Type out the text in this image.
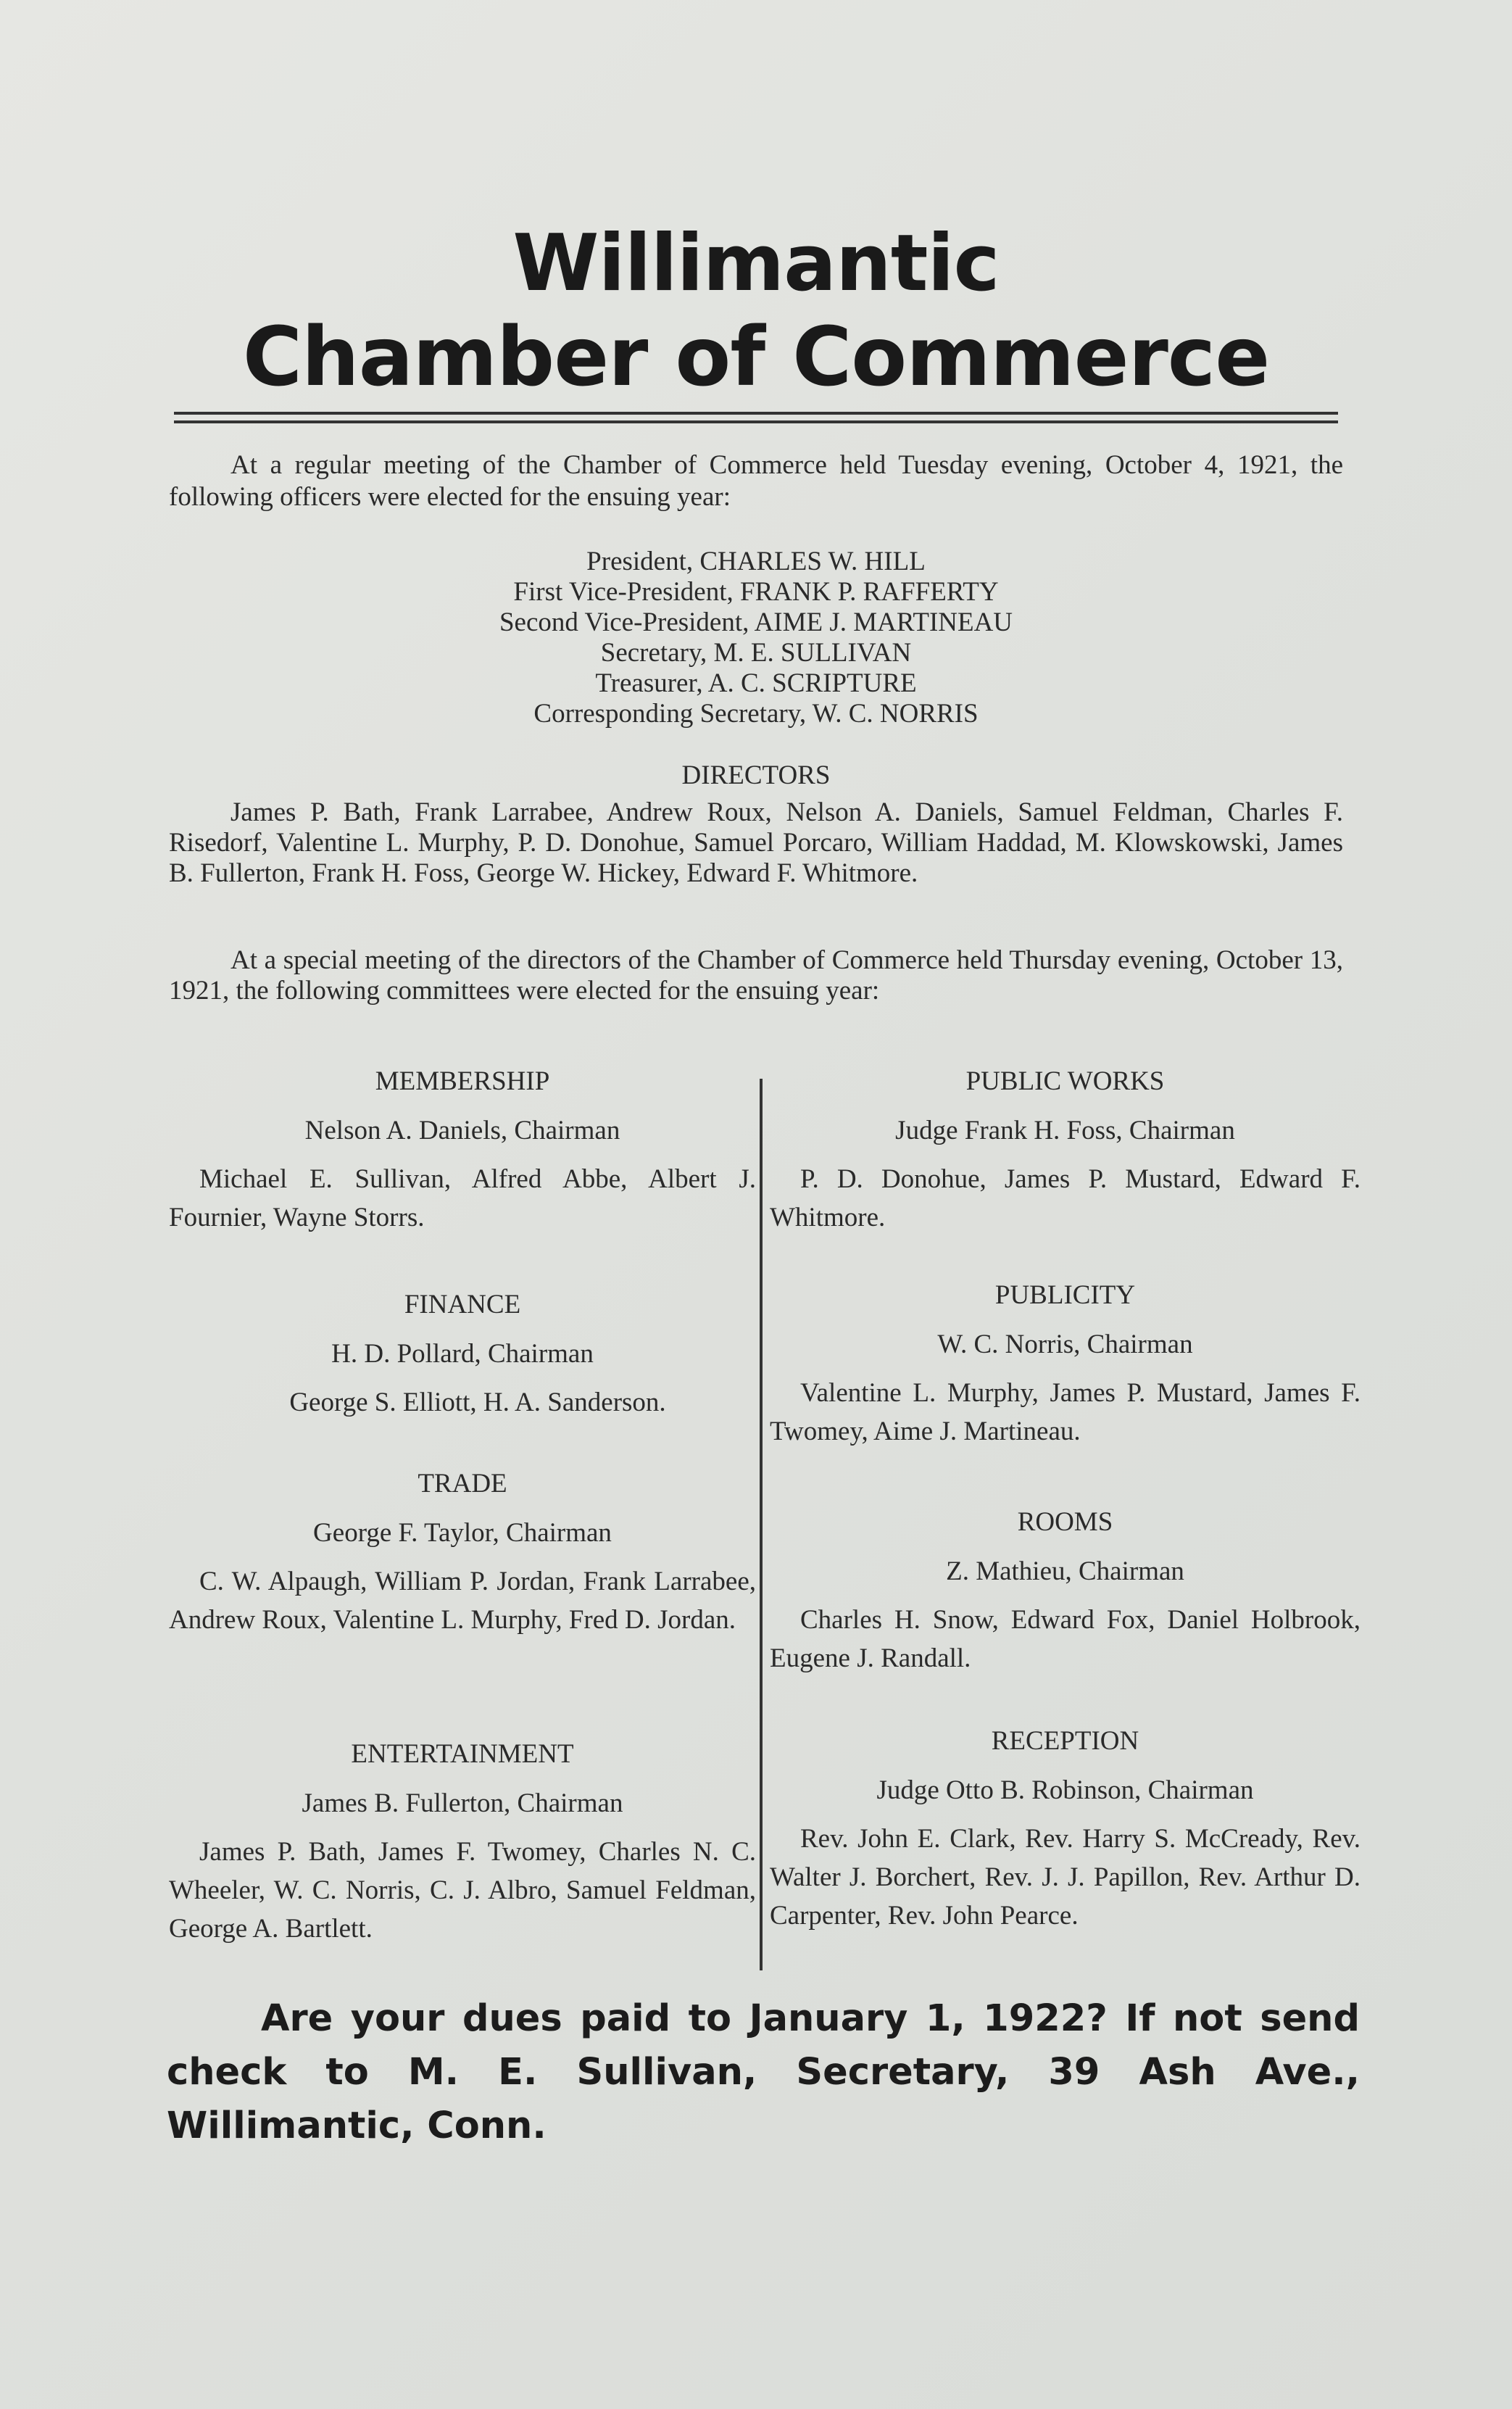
Willimantic
Chamber of Commerce
At a regular meeting of the Chamber of Commerce held Tuesday evening, October 4, 1921, the following officers were elected for the ensuing year:
President, CHARLES W. HILL
First Vice-President, FRANK P. RAFFERTY
Second Vice-President, AIME J. MARTINEAU
Secretary, M. E. SULLIVAN
Treasurer, A. C. SCRIPTURE
Corresponding Secretary, W. C. NORRIS
DIRECTORS
James P. Bath, Frank Larrabee, Andrew Roux, Nelson A. Daniels, Samuel Feldman, Charles F. Risedorf, Valentine L. Murphy, P. D. Donohue, Samuel Porcaro, William Haddad, M. Klowskowski, James B. Fullerton, Frank H. Foss, George W. Hickey, Edward F. Whitmore.
At a special meeting of the directors of the Chamber of Commerce held Thursday evening, October 13, 1921, the following committees were elected for the ensuing year:
MEMBERSHIP
Nelson A. Daniels, Chairman
Michael E. Sullivan, Alfred Abbe, Albert J. Fournier, Wayne Storrs.
FINANCE
H. D. Pollard, Chairman
George S. Elliott, H. A. Sanderson.
TRADE
George F. Taylor, Chairman
C. W. Alpaugh, William P. Jordan, Frank Larrabee, Andrew Roux, Valentine L. Murphy, Fred D. Jordan.
ENTERTAINMENT
James B. Fullerton, Chairman
James P. Bath, James F. Twomey, Charles N. C. Wheeler, W. C. Norris, C. J. Albro, Samuel Feldman, George A. Bartlett.
PUBLIC WORKS
Judge Frank H. Foss, Chairman
P. D. Donohue, James P. Mustard, Edward F. Whitmore.
PUBLICITY
W. C. Norris, Chairman
Valentine L. Murphy, James P. Mustard, James F. Twomey, Aime J. Martineau.
ROOMS
Z. Mathieu, Chairman
Charles H. Snow, Edward Fox, Daniel Holbrook, Eugene J. Randall.
RECEPTION
Judge Otto B. Robinson, Chairman
Rev. John E. Clark, Rev. Harry S. McCready, Rev. Walter J. Borchert, Rev. J. J. Papillon, Rev. Arthur D. Carpenter, Rev. John Pearce.
Are your dues paid to January 1, 1922? If not send check to M. E. Sullivan, Secretary, 39 Ash Ave., Willimantic, Conn.
